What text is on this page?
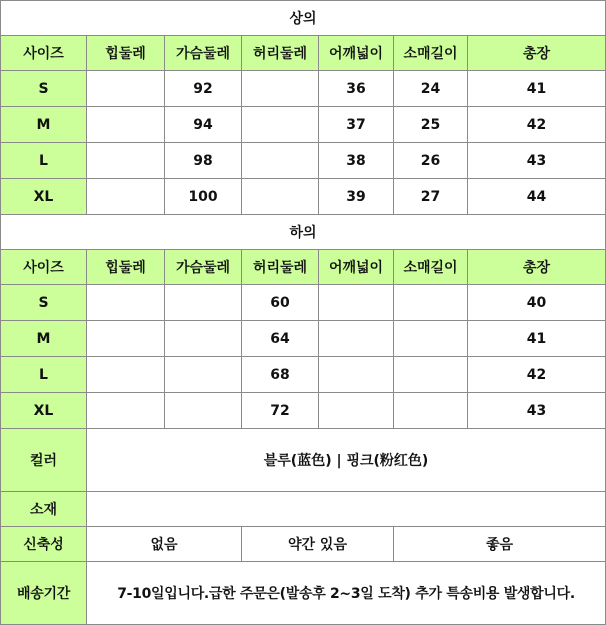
상의						
사이즈	힙둘레	가슴둘레	허리둘레	어깨넓이	소매길이	총장
S		92		36	24	41
M		94		37	25	42
L		98		38	26	43
XL		100		39	27	44
하의						
사이즈	힙둘레	가슴둘레	허리둘레	어깨넓이	소매길이	총장
S			60			40
M			64			41
L			68			42
XL			72			43
컬러	블루(蓝色) | 핑크(粉红色)					
소재						
신축성	없음		약간 있음		좋음	
배송기간	7-10일입니다.급한 주문은(발송후 2~3일 도착) 추가 특송비용 발생합니다.					
